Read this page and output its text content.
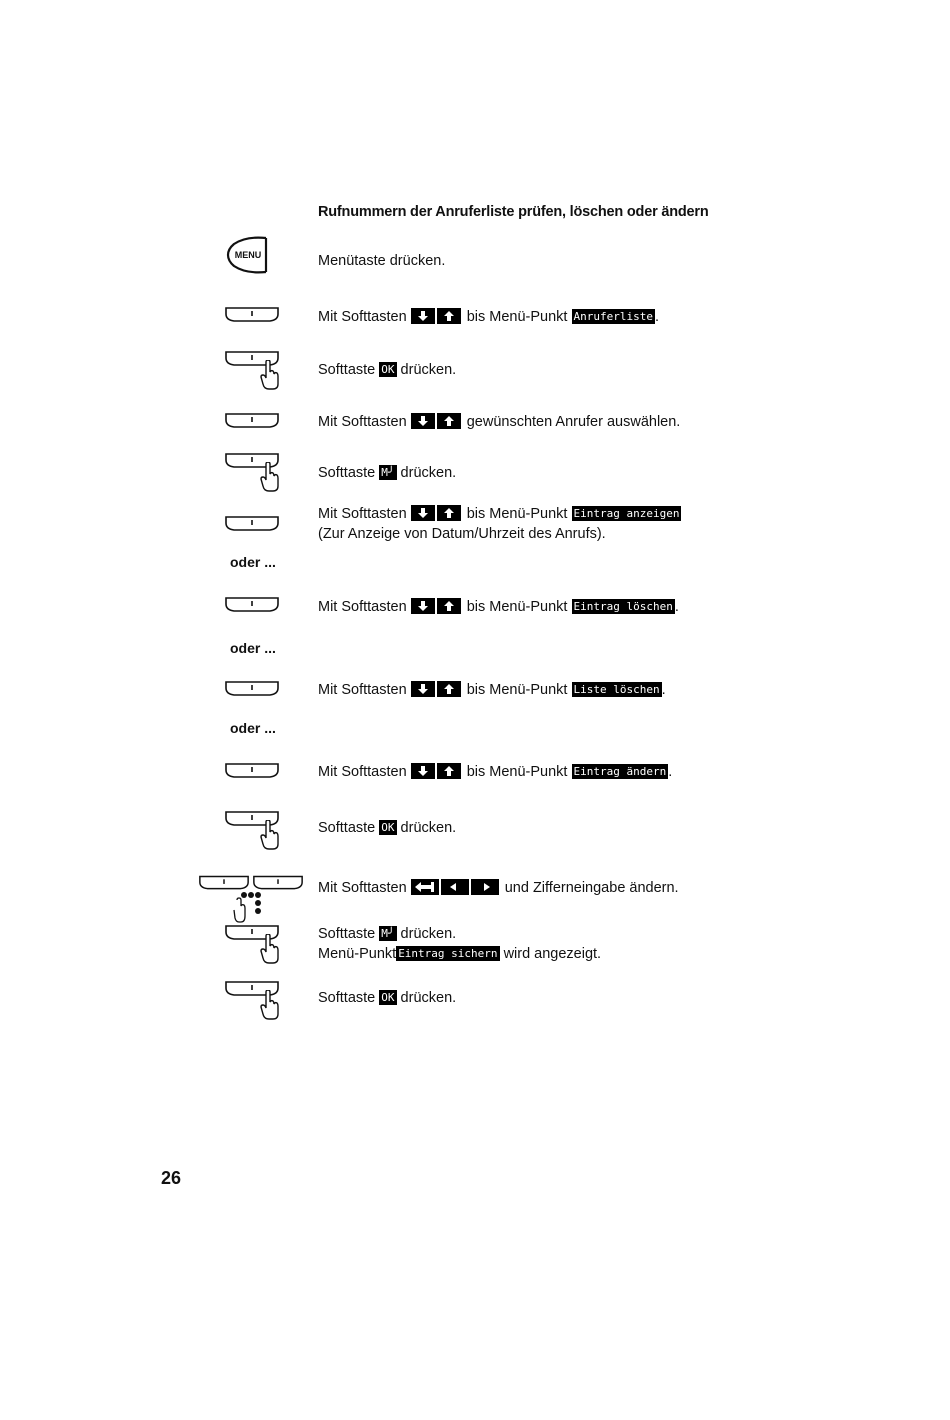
Rufnummern der Anruferliste prüfen, löschen oder ändern
MENU	Menütaste drücken.
Mit Softtasten	bis Menü-Punkt Anruferliste .
Softtaste OK drücken.
Mit Softtasten	gewünschten Anrufer auswählen.
Softtaste M╯ drücken.
Mit Softtasten	bis Menü-Punkt Eintrag anzeigen
(Zur Anzeige von Datum/Uhrzeit des Anrufs).
oder ...
Mit Softtasten	bis Menü-Punkt Eintrag löschen .
oder ...
Mit Softtasten	bis Menü-Punkt Liste löschen .
oder ...
Mit Softtasten	bis Menü-Punkt Eintrag ändern .
Softtaste OK drücken.
Mit Softtasten	und Zifferneingabe ändern.
Softtaste M╯ drücken.
Menü-Punkt Eintrag sichern wird angezeigt.
Softtaste OK drücken.
26
